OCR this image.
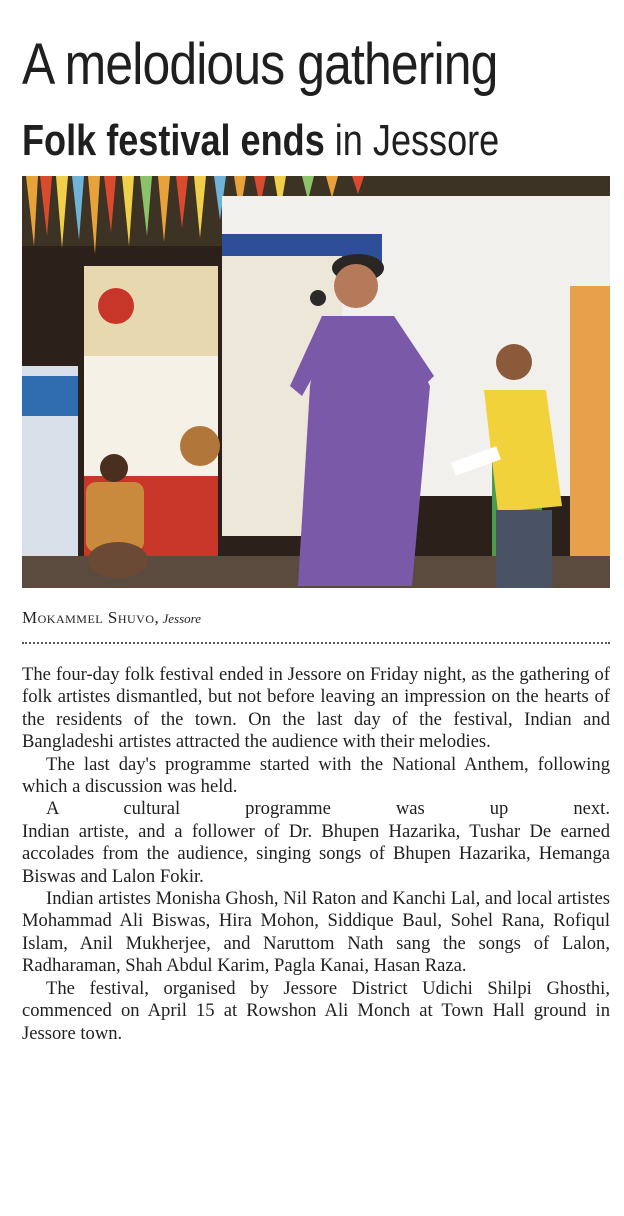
A melodious gathering
Folk festival ends in Jessore
Mokammel Shuvo, Jessore

The four-day folk festival ended in Jessore on Friday night, as the gathering of folk artistes dismantled, but not before leaving an impression on the hearts of the residents of the town. On the last day of the festival, Indian and Bangladeshi artistes attracted the audience with their melodies.

The last day's programme started with the National Anthem, following which a discussion was held.

A cultural programme was up next.

Indian artiste, and a follower of Dr. Bhupen Hazarika, Tushar De earned accolades from the audience, singing songs of Bhupen Hazarika, Hemanga Biswas and Lalon Fokir.

Indian artistes Monisha Ghosh, Nil Raton and Kanchi Lal, and local artistes Mohammad Ali Biswas, Hira Mohon, Siddique Baul, Sohel Rana, Rofiqul Islam, Anil Mukherjee, and Naruttom Nath sang the songs of Lalon, Radharaman, Shah Abdul Karim, Pagla Kanai, Hasan Raza.

The festival, organised by Jessore District Udichi Shilpi Ghosthi, commenced on April 15 at Rowshon Ali Monch at Town Hall ground in Jessore town.
